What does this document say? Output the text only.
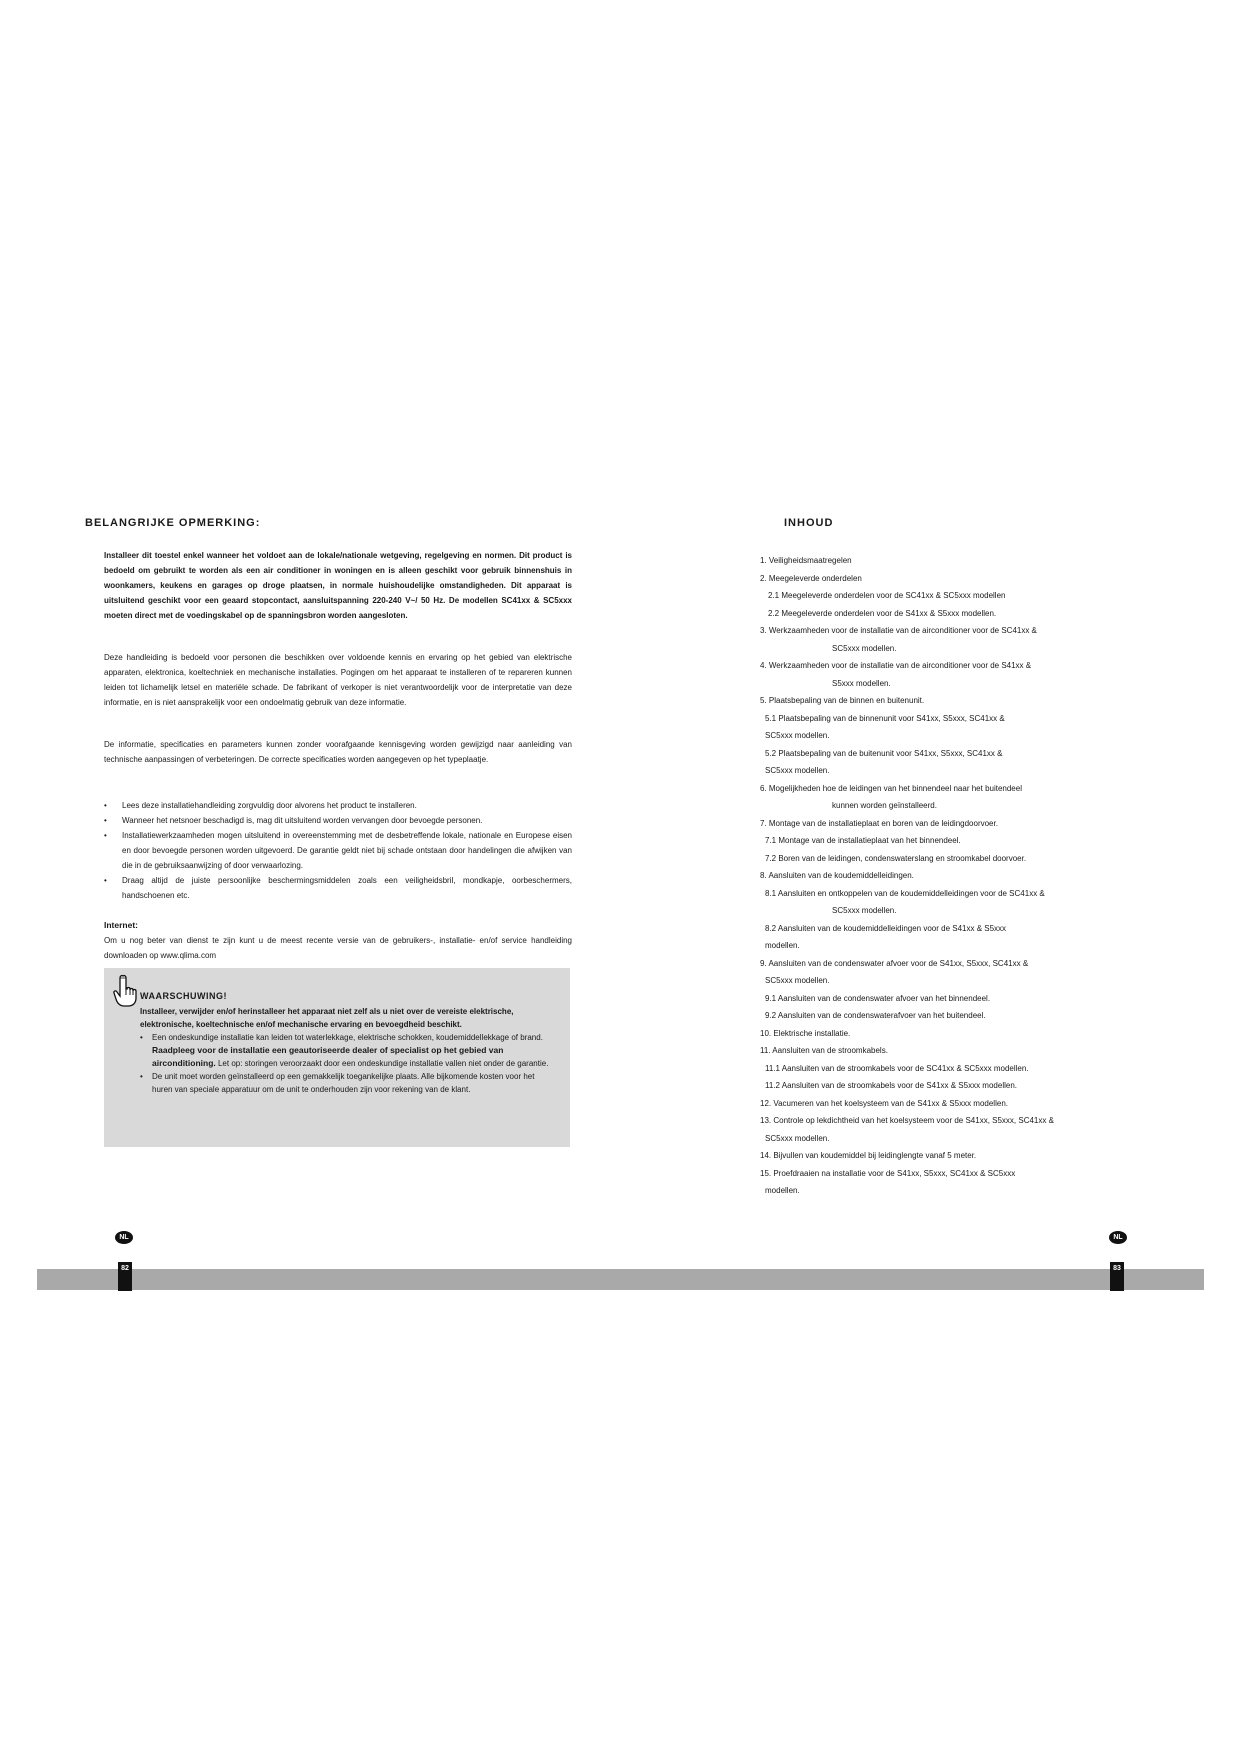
BELANGRIJKE OPMERKING:

Installeer dit toestel enkel wanneer het voldoet aan de lokale/nationale wetgeving, regelgeving en normen. Dit product is bedoeld om gebruikt te worden als een air conditioner in woningen en is alleen geschikt voor gebruik binnenshuis in woonkamers, keukens en garages op droge plaatsen, in normale huishoudelijke omstandigheden. Dit apparaat is uitsluitend geschikt voor een geaard stopcontact, aansluitspanning 220-240 V~/ 50 Hz. De modellen SC41xx & SC5xxx moeten direct met de voedingskabel op de spanningsbron worden aangesloten.

Deze handleiding is bedoeld voor personen die beschikken over voldoende kennis en ervaring op het gebied van elektrische apparaten, elektronica, koeltechniek en mechanische installaties. Pogingen om het apparaat te installeren of te repareren kunnen leiden tot lichamelijk letsel en materiële schade. De fabrikant of verkoper is niet verantwoordelijk voor de interpretatie van deze informatie, en is niet aansprakelijk voor een ondoelmatig gebruik van deze informatie.

De informatie, specificaties en parameters kunnen zonder voorafgaande kennisgeving worden gewijzigd naar aanleiding van technische aanpassingen of verbeteringen. De correcte specificaties worden aangegeven op het typeplaatje.

• Lees deze installatiehandleiding zorgvuldig door alvorens het product te installeren.
• Wanneer het netsnoer beschadigd is, mag dit uitsluitend worden vervangen door bevoegde personen.
• Installatiewerkzaamheden mogen uitsluitend in overeenstemming met de desbetreffende lokale, nationale en Europese eisen en door bevoegde personen worden uitgevoerd. De garantie geldt niet bij schade ontstaan door handelingen die afwijken van die in de gebruiksaanwijzing of door verwaarlozing.
• Draag altijd de juiste persoonlijke beschermingsmiddelen zoals een veiligheidsbril, mondkapje, oorbeschermers, handschoenen etc.
Internet:
Om u nog beter van dienst te zijn kunt u de meest recente versie van de gebruikers-, installatie- en/of service handleiding downloaden op www.qlima.com
WAARSCHUWING!
Installeer, verwijder en/of herinstalleer het apparaat niet zelf als u niet over de vereiste elektrische, elektronische, koeltechnische en/of mechanische ervaring en bevoegdheid beschikt.
• Een ondeskundige installatie kan leiden tot waterlekkage, elektrische schokken, koudemiddellekkage of brand. Raadpleeg voor de installatie een geautoriseerde dealer of specialist op het gebied van airconditioning. Let op: storingen veroorzaakt door een ondeskundige installatie vallen niet onder de garantie.
• De unit moet worden geïnstalleerd op een gemakkelijk toegankelijke plaats. Alle bijkomende kosten voor het huren van speciale apparatuur om de unit te onderhouden zijn voor rekening van de klant.
INHOUD
1. Veiligheidsmaatregelen
2. Meegeleverde onderdelen
2.1 Meegeleverde onderdelen voor de SC41xx & SC5xxx modellen
2.2 Meegeleverde onderdelen voor de S41xx & S5xxx modellen.
3. Werkzaamheden voor de installatie van de airconditioner voor de SC41xx &
SC5xxx modellen.
4. Werkzaamheden voor de installatie van de airconditioner voor de S41xx &
S5xxx modellen.
5. Plaatsbepaling van de binnen en buitenunit.
5.1 Plaatsbepaling van de binnenunit voor S41xx, S5xxx, SC41xx &
SC5xxx modellen.
5.2 Plaatsbepaling van de buitenunit voor S41xx, S5xxx, SC41xx &
SC5xxx modellen.
6. Mogelijkheden hoe de leidingen van het binnendeel naar het buitendeel
kunnen worden geïnstalleerd.
7. Montage van de installatieplaat en boren van de leidingdoorvoer.
7.1 Montage van de installatieplaat van het binnendeel.
7.2 Boren van de leidingen, condenswaterslang en stroomkabel doorvoer.
8. Aansluiten van de koudemiddelleidingen.
8.1 Aansluiten en ontkoppelen van de koudemiddelleidingen voor de SC41xx &
SC5xxx modellen.
8.2 Aansluiten van de koudemiddelleidingen voor de S41xx & S5xxx
modellen.
9. Aansluiten van de condenswater afvoer voor de S41xx, S5xxx, SC41xx &
SC5xxx modellen.
9.1 Aansluiten van de condenswater afvoer van het binnendeel.
9.2 Aansluiten van de condenswaterafvoer van het buitendeel.
10. Elektrische installatie.
11. Aansluiten van de stroomkabels.
11.1 Aansluiten van de stroomkabels voor de SC41xx & SC5xxx modellen.
11.2 Aansluiten van de stroomkabels voor de S41xx & S5xxx modellen.
12. Vacumeren van het koelsysteem van de S41xx & S5xxx modellen.
13. Controle op lekdichtheid van het koelsysteem voor de S41xx, S5xxx, SC41xx &
SC5xxx modellen.
14. Bijvullen van koudemiddel bij leidinglengte vanaf 5 meter.
15. Proefdraaien na installatie voor de S41xx, S5xxx, SC41xx & SC5xxx
modellen.
NL
NL
82	83
